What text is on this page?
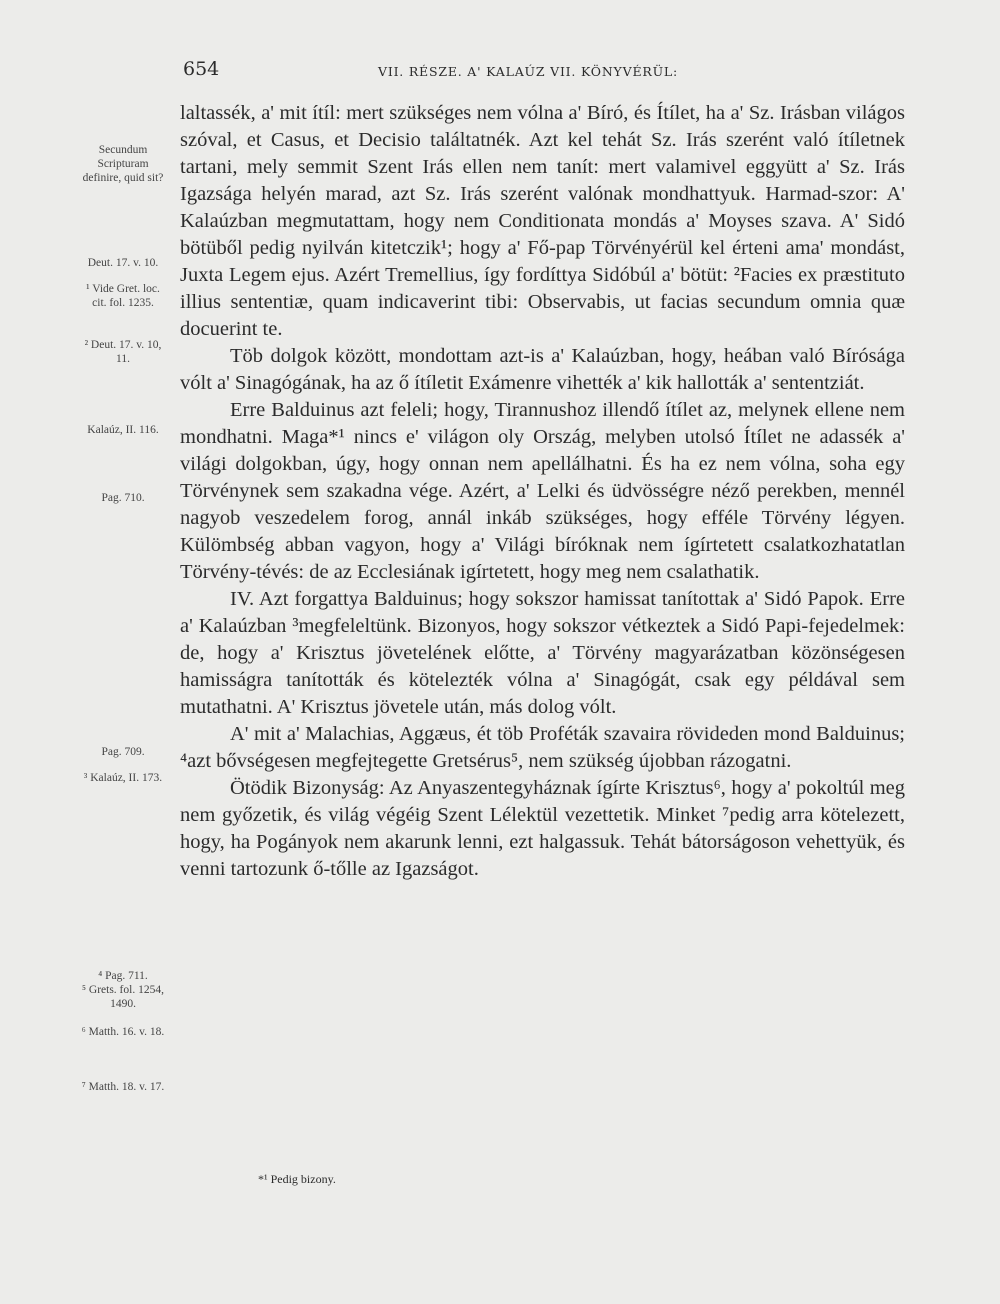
654	VII. RÉSZE. A' KALAÚZ VII. KÖNYVÉRÜL:
Secundum Scripturam definire, quid sit?
Deut. 17. v. 10.
¹ Vide Gret. loc. cit. fol. 1235.
² Deut. 17. v. 10, 11.
Kalaúz, II. 116.
Pag. 710.
Pag. 709.
³ Kalaúz, II. 173.
⁴ Pag. 711.
⁵ Grets. fol. 1254, 1490.
⁶ Matth. 16. v. 18.
⁷ Matth. 18. v. 17.

laltassék, a' mit ítíl: mert szükséges nem vólna a' Bíró, és Ítílet, ha a' Sz. Irásban világos szóval, et Casus, et Decisio találtatnék. Azt kel tehát Sz. Irás szerént való ítíletnek tartani, mely semmit Szent Irás ellen nem tanít: mert valamivel eggyütt a' Sz. Irás Igazsága helyén marad, azt Sz. Irás szerént valónak mondhattyuk. Harmad-szor: A' Kalaúzban megmutattam, hogy nem Conditionata mondás a' Moyses szava. A' Sidó bötüből pedig nyilván kitetczik¹; hogy a' Fő-pap Törvényérül kel érteni ama' mondást, Juxta Legem ejus. Azért Tremellius, így fordíttya Sidóbúl a' bötüt: ²Facies ex præstituto illius sententiæ, quam indicaverint tibi: Observabis, ut facias secundum omnia quæ docuerint te.

Töb dolgok között, mondottam azt-is a' Kalaúzban, hogy, heában való Bírósága vólt a' Sinagógának, ha az ő ítíletit Exámenre vihették a' kik hallották a' sententziát.

Erre Balduinus azt feleli; hogy, Tirannushoz illendő ítílet az, melynek ellene nem mondhatni. Maga*¹ nincs e' világon oly Ország, melyben utolsó Ítílet ne adassék a' világi dolgokban, úgy, hogy onnan nem apellálhatni. És ha ez nem vólna, soha egy Törvénynek sem szakadna vége. Azért, a' Lelki és üdvösségre néző perekben, mennél nagyob veszedelem forog, annál inkáb szükséges, hogy efféle Törvény légyen. Külömbség abban vagyon, hogy a' Világi bíróknak nem ígírtetett csalatkozhatatlan Törvény-tévés: de az Ecclesiának igírtetett, hogy meg nem csalathatik.

IV. Azt forgattya Balduinus; hogy sokszor hamissat tanítottak a' Sidó Papok. Erre a' Kalaúzban ³megfeleltünk. Bizonyos, hogy sokszor vétkeztek a Sidó Papi-fejedelmek: de, hogy a' Krisztus jövetelének előtte, a' Törvény magyarázatban közönségesen hamisságra tanították és kötelezték vólna a' Sinagógát, csak egy példával sem mutathatni. A' Krisztus jövetele után, más dolog vólt.

A' mit a' Malachias, Aggæus, ét töb Proféták szavaira rövideden mond Balduinus; ⁴azt bővségesen megfejtegette Gretsérus⁵, nem szükség újobban rázogatni.

Ötödik Bizonyság: Az Anyaszentegyháznak ígírte Krisztus⁶, hogy a' pokoltúl meg nem győzetik, és világ végéig Szent Lélektül vezettetik. Minket ⁷pedig arra kötelezett, hogy, ha Pogányok nem akarunk lenni, ezt halgassuk. Tehát bátorságoson vehettyük, és venni tartozunk ő-tőlle az Igazságot.

*¹ Pedig bizony.
